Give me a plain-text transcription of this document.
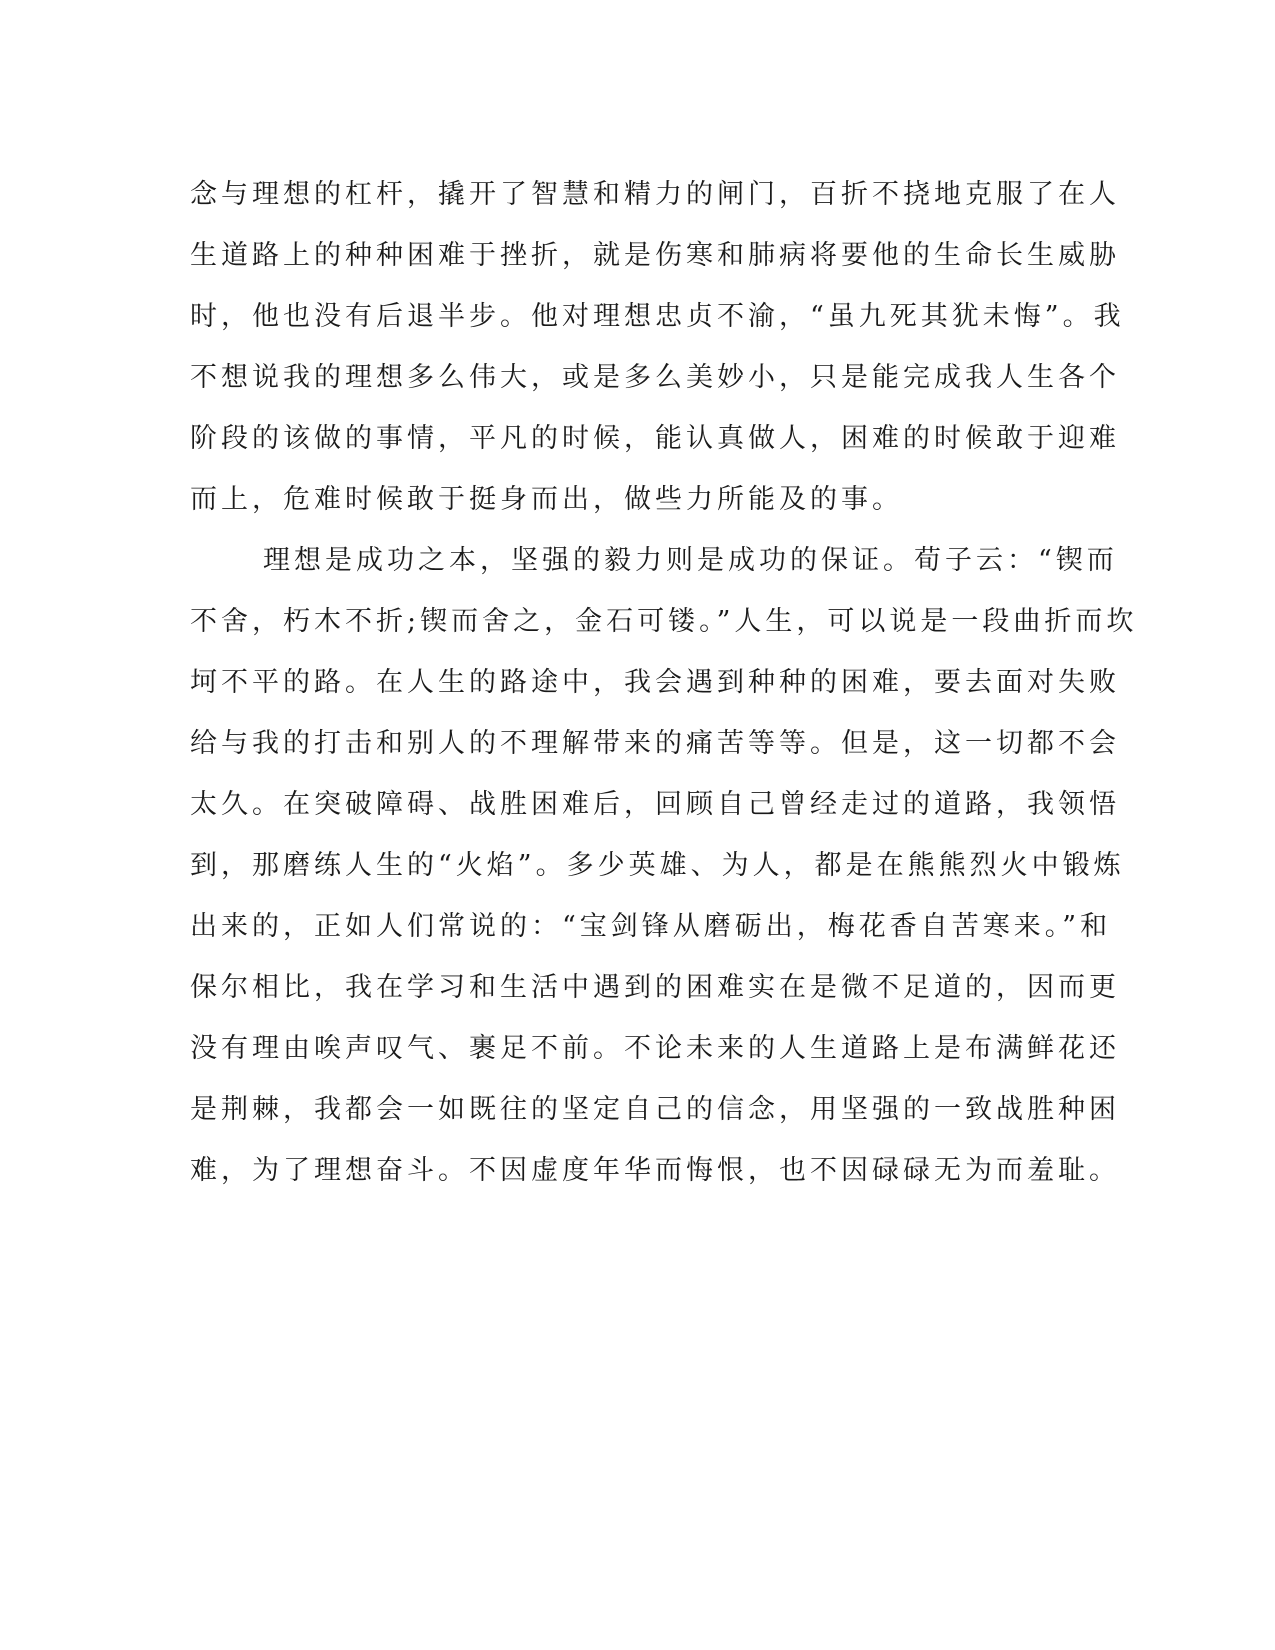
念与理想的杠杆，撬开了智慧和精力的闸门，百折不挠地克服了在人
生道路上的种种困难于挫折，就是伤寒和肺病将要他的生命长生威胁
时，他也没有后退半步。他对理想忠贞不渝，“虽九死其犹未悔”。我
不想说我的理想多么伟大，或是多么美妙小，只是能完成我人生各个
阶段的该做的事情，平凡的时候，能认真做人，困难的时候敢于迎难
而上，危难时候敢于挺身而出，做些力所能及的事。
理想是成功之本，坚强的毅力则是成功的保证。荀子云：“锲而
不舍，朽木不折;锲而舍之，金石可镂。”人生，可以说是一段曲折而坎
坷不平的路。在人生的路途中，我会遇到种种的困难，要去面对失败
给与我的打击和别人的不理解带来的痛苦等等。但是，这一切都不会
太久。在突破障碍、战胜困难后，回顾自己曾经走过的道路，我领悟
到，那磨练人生的“火焰”。多少英雄、为人，都是在熊熊烈火中锻炼
出来的，正如人们常说的：“宝剑锋从磨砺出，梅花香自苦寒来。”和
保尔相比，我在学习和生活中遇到的困难实在是微不足道的，因而更
没有理由唉声叹气、裹足不前。不论未来的人生道路上是布满鲜花还
是荆棘，我都会一如既往的坚定自己的信念，用坚强的一致战胜种困
难，为了理想奋斗。不因虚度年华而悔恨，也不因碌碌无为而羞耻。
